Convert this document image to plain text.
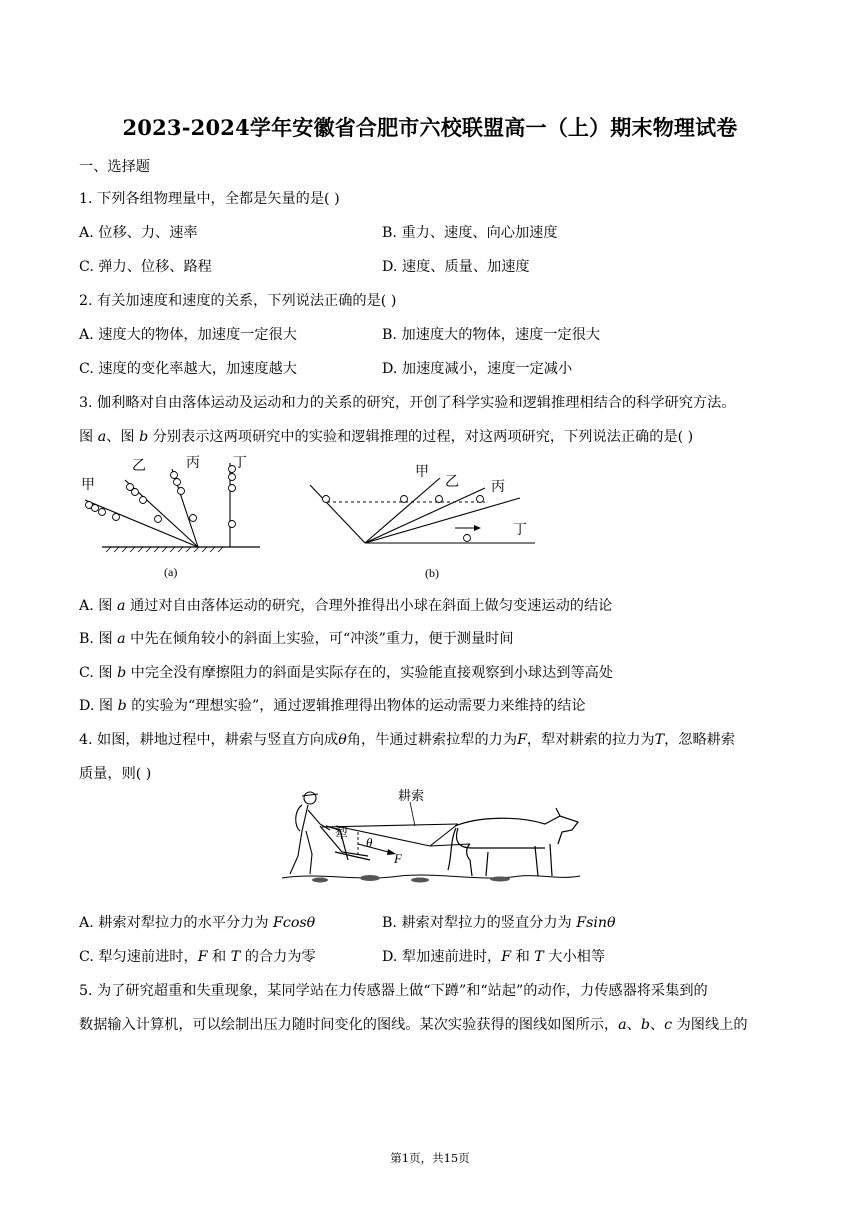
2023-2024学年安徽省合肥市六校联盟高一（上）期末物理试卷
一、选择题
1. 下列各组物理量中，全都是矢量的是( )
A. 位移、力、速率	B. 重力、速度、向心加速度
C. 弹力、位移、路程	D. 速度、质量、加速度
2. 有关加速度和速度的关系，下列说法正确的是( )
A. 速度大的物体，加速度一定很大	B. 加速度大的物体，速度一定很大
C. 速度的变化率越大，加速度越大	D. 加速度减小，速度一定减小
3. 伽利略对自由落体运动及运动和力的关系的研究，开创了科学实验和逻辑推理相结合的科学研究方法。
图 a、图 b 分别表示这两项研究中的实验和逻辑推理的过程，对这两项研究，下列说法正确的是( )
甲
乙	丙 丁
(a)
甲
乙 丙
丁
(b)
A. 图 a 通过对自由落体运动的研究，合理外推得出小球在斜面上做匀变速运动的结论
B. 图 a 中先在倾角较小的斜面上实验，可“冲淡”重力，便于测量时间
C. 图 b 中完全没有摩擦阻力的斜面是实际存在的，实验能直接观察到小球达到等高处
D. 图 b 的实验为“理想实验”，通过逻辑推理得出物体的运动需要力来维持的结论
4. 如图，耕地过程中，耕索与竖直方向成θ角，牛通过耕索拉犁的力为F，犁对耕索的拉力为T，忽略耕索
质量，则( )
耕索
犁
θ
F
A. 耕索对犁拉力的水平分力为 Fcosθ	B. 耕索对犁拉力的竖直分力为 Fsinθ
C. 犁匀速前进时，F 和 T 的合力为零	D. 犁加速前进时，F 和 T 大小相等
5. 为了研究超重和失重现象，某同学站在力传感器上做“下蹲”和“站起”的动作，力传感器将采集到的
数据输入计算机，可以绘制出压力随时间变化的图线。某次实验获得的图线如图所示，a、b、c 为图线上的
第1页，共15页
